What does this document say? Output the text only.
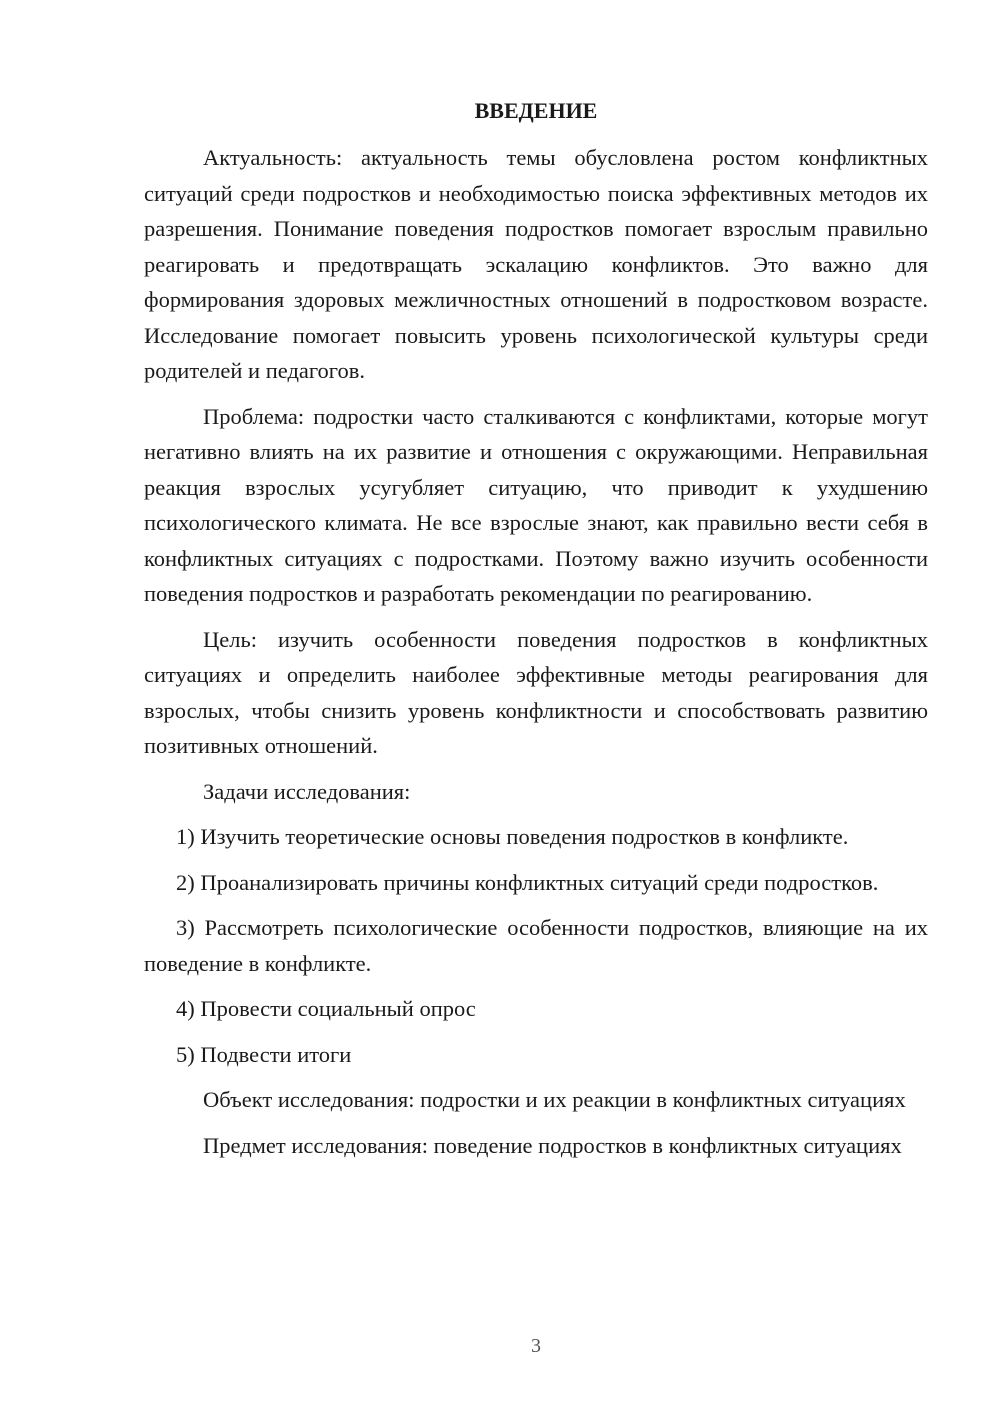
ВВЕДЕНИЕ

Актуальность: актуальность темы обусловлена ростом конфликтных ситуаций среди подростков и необходимостью поиска эффективных методов их разрешения. Понимание поведения подростков помогает взрослым правильно реагировать и предотвращать эскалацию конфликтов. Это важно для формирования здоровых межличностных отношений в подростковом возрасте. Исследование помогает повысить уровень психологической культуры среди родителей и педагогов.

Проблема: подростки часто сталкиваются с конфликтами, которые могут негативно влиять на их развитие и отношения с окружающими. Неправильная реакция взрослых усугубляет ситуацию, что приводит к ухудшению психологического климата. Не все взрослые знают, как правильно вести себя в конфликтных ситуациях с подростками. Поэтому важно изучить особенности поведения подростков и разработать рекомендации по реагированию.

Цель: изучить особенности поведения подростков в конфликтных ситуациях и определить наиболее эффективные методы реагирования для взрослых, чтобы снизить уровень конфликтности и способствовать развитию позитивных отношений.

Задачи исследования:

1) Изучить теоретические основы поведения подростков в конфликте.

2) Проанализировать причины конфликтных ситуаций среди подростков.

3) Рассмотреть психологические особенности подростков, влияющие на их поведение в конфликте.

4) Провести социальный опрос

5) Подвести итоги

Объект исследования: подростки и их реакции в конфликтных ситуациях

Предмет исследования: поведение подростков в конфликтных ситуациях

3
